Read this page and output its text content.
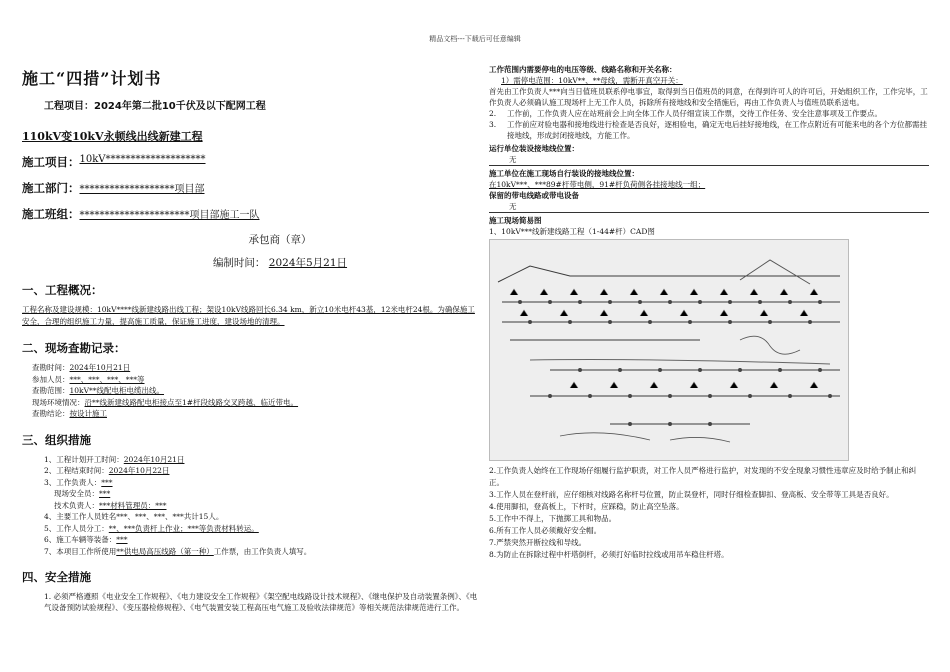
精品文档---下载后可任意编辑
施工“四措”计划书
工程项目：2024年第二批10千伏及以下配网工程
110kV变10kV永顿线出线新建工程
施工项目： 10kV********************
施工部门： *******************项目部
施工班组： **********************项目部施工一队
承包商（章）
编制时间： 2024年5月21日
一、工程概况：
工程名称及建设规模：10kV****线新建线路出线工程；架设10kV线路回长6.34 km，新立10米电杆43基，12米电杆24根。为确保施工安全，合理的组织施工力量，提高施工质量，保证施工进度，建设场地的清理。
二、现场查勘记录：
查勘时间：2024年10月21日
参加人员：***、***、***、***等
查勘范围：10kV**线配电柜电缆出线。
现场环境情况：沿**线新建线路配电柜接点至1#杆段线路交叉跨越、临近带电。
查勘结论：按设计施工
三、组织措施
1、工程计划开工时间：2024年10月21日
2、工程结束时间：2024年10月22日
3、工作负责人：***
现场安全员：***
技术负责人：***材料管理员：***
4、主要工作人员姓名***、***、***、***共计15人。
5、工作人员分工：**、***负责杆上作业；***等负责材料转运。
6、施工车辆等装备：***
7、本项目工作所使用**供电局高压线路（第一种）工作票，由工作负责人填写。
四、安全措施
1. 必须严格遵照《电业安全工作规程》、《电力建设安全工作规程》《架空配电线路设计技术规程》、《继电保护及自动装置条例》、《电气设备预防试验规程》、《变压器检修规程》、《电气装置安装工程高压电气施工及验收法律规范》等相关规范法律规范进行工作。
工作范围内需要停电的电压等级、线路名称和开关名称：
1）需停电范围：10kV**、**母线，需断开真空开关：
首先由工作负责人***向当日值班员联系停电事宜，取得到当日值班员的同意，在得到许可人的许可后，开始组织工作，工作完毕，工作负责人必须确认施工现场杆上无工作人员，拆除所有接地线和安全措施后，再由工作负责人与值班员联系送电。
2.	工作前，工作负责人应在站班前会上向全体工作人员仔细宣读工作票，交待工作任务、安全注意事项及工作要点。
3.	工作前应对验电器和接地线进行检查是否良好，逐相验电，确定无电后挂好接地线，在工作点附近有可能来电的各个方位都需挂接地线，形成封闭接地线，方能工作。
运行单位装设接地线位置：
无
施工单位在施工现场自行装设的接地线位置：
在10kV***、***89#杆带电侧，91#杆负荷侧各挂接地线一组；
保留的带电线路或带电设备
无
施工现场简易图
1、10kV***线新建线路工程（1-44#杆）CAD图
2.工作负责人始终在工作现场仔细履行监护职责，对工作人员严格进行监护，对发现的不安全现象习惯性违章应及时给予制止和纠正。
3.工作人员在登杆前，应仔细核对线路名称杆号位置，防止误登杆，同时仔细检查脚扣、登高板、安全带等工具是否良好。
4.使用脚扣，登高板上，下杆时，应踩稳，防止高空坠落。
5.工作中不得上，下抛掷工具和物品。
6.所有工作人员必须戴好安全帽。
7.严禁突然开断拉线和导线。
8.为防止在拆除过程中杆塔倒杆，必须打好临时拉线或用吊车稳住杆塔。
